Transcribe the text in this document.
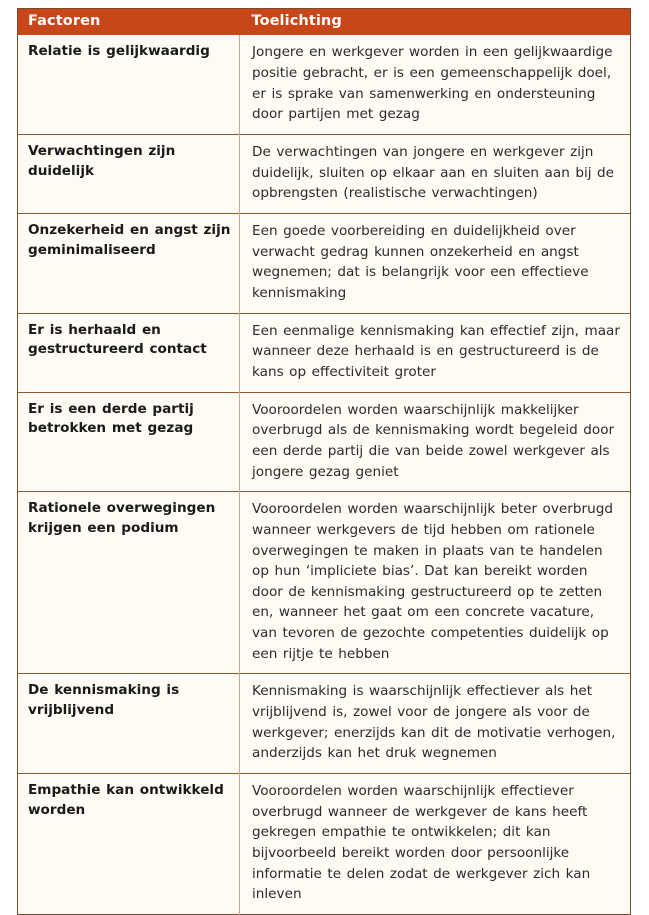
Factoren	Toelichting
Relatie is gelijkwaardig	Jongere en werkgever worden in een gelijkwaardige positie gebracht, er is een gemeenschappelijk doel, er is sprake van samenwerking en ondersteuning door partijen met gezag
Verwachtingen zijn duidelijk	De verwachtingen van jongere en werkgever zijn duidelijk, sluiten op elkaar aan en sluiten aan bij de opbrengsten (realistische verwachtingen)
Onzekerheid en angst zijn geminimaliseerd	Een goede voorbereiding en duidelijkheid over verwacht gedrag kunnen onzekerheid en angst wegnemen; dat is belangrijk voor een effectieve kennismaking
Er is herhaald en gestructureerd contact	Een eenmalige kennismaking kan effectief zijn, maar wanneer deze herhaald is en gestructureerd is de kans op effectiviteit groter
Er is een derde partij betrokken met gezag	Vooroordelen worden waarschijnlijk makkelijker overbrugd als de kennismaking wordt begeleid door een derde partij die van beide zowel werkgever als jongere gezag geniet
Rationele overwegingen krijgen een podium	Vooroordelen worden waarschijnlijk beter overbrugd wanneer werkgevers de tijd hebben om rationele overwegingen te maken in plaats van te handelen op hun ‘impliciete bias’. Dat kan bereikt worden door de kennismaking gestructureerd op te zetten en, wanneer het gaat om een concrete vacature, van tevoren de gezochte competenties duidelijk op een rijtje te hebben
De kennismaking is vrijblijvend	Kennismaking is waarschijnlijk effectiever als het vrijblijvend is, zowel voor de jongere als voor de werkgever; enerzijds kan dit de motivatie verhogen, anderzijds kan het druk wegnemen
Empathie kan ontwikkeld worden	Vooroordelen worden waarschijnlijk effectiever overbrugd wanneer de werkgever de kans heeft gekregen empathie te ontwikkelen; dit kan bijvoorbeeld bereikt worden door persoonlijke informatie te delen zodat de werkgever zich kan inleven
